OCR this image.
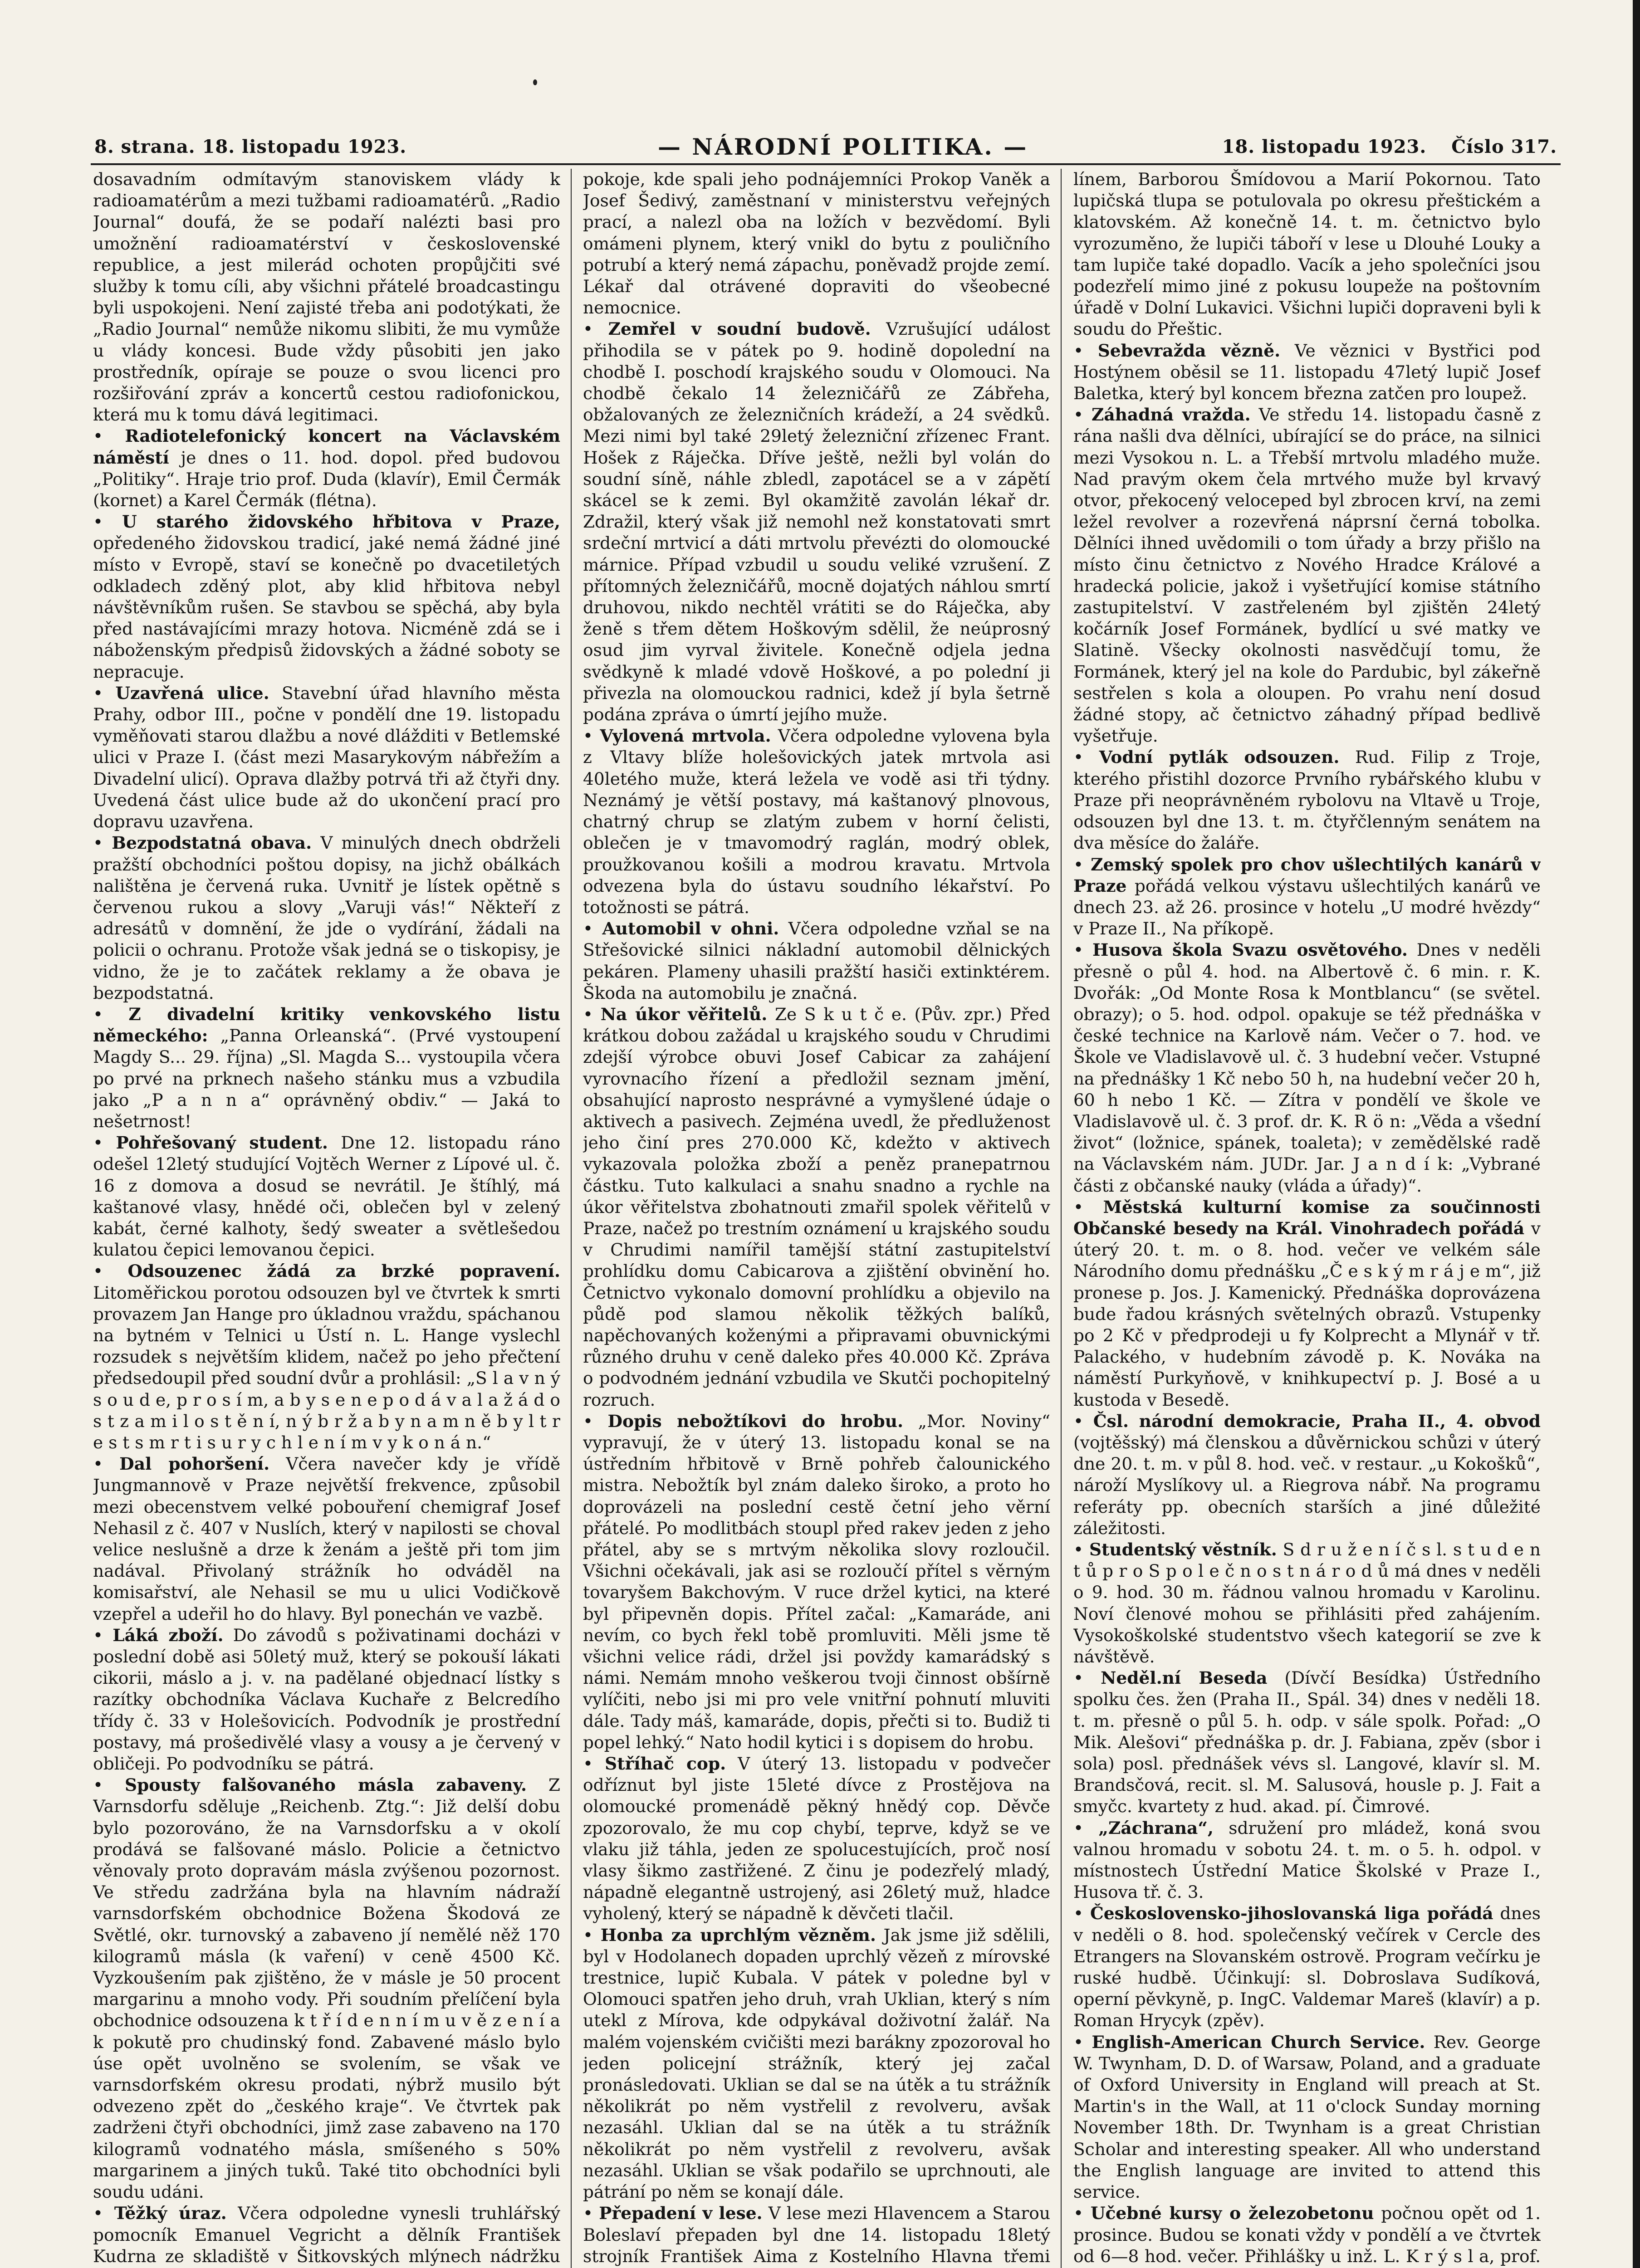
8. strana. 18. listopadu 1923.	— NÁRODNÍ POLITIKA. —	18. listopadu 1923. Číslo 317.

dosavadním odmítavým stanoviskem vlády k radioamatérům a mezi tužbami radioamatérů. „Radio Journal“ doufá, že se podaří nalézti basi pro umožnění radioamatérství v československé republice, a jest milerád ochoten propůjčiti své služby k tomu cíli, aby všichni přátelé broadcastingu byli uspokojeni. Není zajisté třeba ani podotýkati, že „Radio Journal“ nemůže nikomu slibiti, že mu vymůže u vlády koncesi. Bude vždy působiti jen jako prostředník, opíraje se pouze o svou licenci pro rozšiřování zpráv a koncertů cestou radiofonickou, která mu k tomu dává legitimaci.

• Radiotelefonický koncert na Václavském náměstí je dnes o 11. hod. dopol. před budovou „Politiky“. Hraje trio prof. Duda (klavír), Emil Čermák (kornet) a Karel Čermák (flétna).

• U starého židovského hřbitova v Praze, opředeného židovskou tradicí, jaké nemá žádné jiné místo v Evropě, staví se konečně po dvacetiletých odkladech zděný plot, aby klid hřbitova nebyl návštěvníkům rušen. Se stavbou se spěchá, aby byla před nastávajícími mrazy hotova. Nicméně zdá se i náboženským předpisů židovských a žádné soboty se nepracuje.

• Uzavřená ulice. Stavební úřad hlavního města Prahy, odbor III., počne v pondělí dne 19. listopadu vyměňovati starou dlažbu a nové dlážditi v Betlemské ulici v Praze I. (část mezi Masarykovým nábřežím a Divadelní ulicí). Oprava dlažby potrvá tři až čtyři dny. Uvedená část ulice bude až do ukončení prací pro dopravu uzavřena.

• Bezpodstatná obava. V minulých dnech obdrželi pražští obchodníci poštou dopisy, na jichž obálkách nalištěna je červená ruka. Uvnitř je lístek opětně s červenou rukou a slovy „Varuji vás!“ Někteří z adresátů v domnění, že jde o vydírání, žádali na policii o ochranu. Protože však jedná se o tiskopisy, je vidno, že je to začátek reklamy a že obava je bezpodstatná.

• Z divadelní kritiky venkovského listu německého: „Panna Orleanská“. (Prvé vystoupení Magdy S... 29. října) „Sl. Magda S... vystoupila včera po prvé na prknech našeho stánku mus a vzbudila jako „P a n n a“ oprávněný obdiv.“ — Jaká to nešetrnost!

• Pohřešovaný student. Dne 12. listopadu ráno odešel 12letý studující Vojtěch Werner z Lípové ul. č. 16 z domova a dosud se nevrátil. Je štíhlý, má kaštanové vlasy, hnědé oči, oblečen byl v zelený kabát, černé kalhoty, šedý sweater a světlešedou kulatou čepici lemovanou čepici.

• Odsouzenec žádá za brzké popravení. Litoměřickou porotou odsouzen byl ve čtvrtek k smrti provazem Jan Hange pro úkladnou vraždu, spáchanou na bytném v Telnici u Ústí n. L. Hange vyslechl rozsudek s největším klidem, načež po jeho přečtení předsedoupil před soudní dvůr a prohlásil: „S l a v n ý s o u d e, p r o s í m, a b y s e n e p o d á v a l a ž á d o s t z a m i l o s t ě n í, n ý b r ž a b y n a m n ě b y l t r e s t s m r t i s u r y c h l e n í m v y k o n á n.“

• Dal pohoršení. Včera navečer kdy je vřídě Jungmannově v Praze největší frekvence, způsobil mezi obecenstvem velké pobouření chemigraf Josef Nehasil z č. 407 v Nuslích, který v napilosti se choval velice neslušně a drze k ženám a ještě při tom jim nadával. Přivolaný strážník ho odváděl na komisařství, ale Nehasil se mu u ulici Vodičkově vzepřel a udeřil ho do hlavy. Byl ponechán ve vazbě.

• Láká zboží. Do závodů s poživatinami docházi v poslední době asi 50letý muž, který se pokouší lákati cikorii, máslo a j. v. na padělané objednací lístky s razítky obchodníka Václava Kuchaře z Belcredího třídy č. 33 v Holešovicích. Podvodník je prostřední postavy, má prošedivělé vlasy a vousy a je červený v obličeji. Po podvodníku se pátrá.

• Spousty falšovaného másla zabaveny. Z Varnsdorfu sděluje „Reichenb. Ztg.“: Již delší dobu bylo pozorováno, že na Varnsdorfsku a v okolí prodává se falšované máslo. Policie a četnictvo věnovaly proto dopravám másla zvýšenou pozornost. Ve středu zadržána byla na hlavním nádraží varnsdorfském obchodnice Božena Škodová ze Světlé, okr. turnovský a zabaveno jí nemělé něž 170 kilogramů másla (k vaření) v ceně 4500 Kč. Vyzkoušením pak zjištěno, že v másle je 50 procent margarinu a mnoho vody. Při soudním přelíčení byla obchodnice odsouzena k t ř í d e n n í m u v ě z e n í a k pokutě pro chudinský fond. Zabavené máslo bylo úse opět uvolněno se svolením, se však ve varnsdorfském okresu prodati, nýbrž musilo být odvezeno zpět do „českého kraje“. Ve čtvrtek pak zadrženi čtyři obchodníci, jimž zase zabaveno na 170 kilogramů vodnatého másla, smíšeného s 50% margarinem a jiných tuků. Také tito obchodníci byli soudu udáni.

• Těžký úraz. Včera odpoledne vynesli truhlářský pomocník Emanuel Vegricht a dělník František Kudrna ze skladiště v Šitkovských mlýnech nádržku

pokoje, kde spali jeho podnájemníci Prokop Vaněk a Josef Šedivý, zaměstnaní v ministerstvu veřejných prací, a nalezl oba na ložích v bezvědomí. Byli omámeni plynem, který vnikl do bytu z pouličního potrubí a který nemá zápachu, poněvadž projde zemí. Lékař dal otrávené dopraviti do všeobecné nemocnice.

• Zemřel v soudní budově. Vzrušující událost přihodila se v pátek po 9. hodině dopolední na chodbě I. poschodí krajského soudu v Olomouci. Na chodbě čekalo 14 železničářů ze Zábřeha, obžalovaných ze železničních krádeží, a 24 svědků. Mezi nimi byl také 29letý železniční zřízenec Frant. Hošek z Ráječka. Dříve ještě, nežli byl volán do soudní síně, náhle zbledl, zapotácel se a v zápětí skácel se k zemi. Byl okamžitě zavolán lékař dr. Zdražil, který však již nemohl než konstatovati smrt srdeční mrtvicí a dáti mrtvolu převézti do olomoucké márnice. Případ vzbudil u soudu veliké vzrušení. Z přítomných železničářů, mocně dojatých náhlou smrtí druhovou, nikdo nechtěl vrátiti se do Ráječka, aby ženě s třem dětem Hoškovým sdělil, že neúprosný osud jim vyrval živitele. Konečně odjela jedna svědkyně k mladé vdově Hoškové, a po polední ji přivezla na olomouckou radnici, kdež jí byla šetrně podána zpráva o úmrtí jejího muže.

• Vylovená mrtvola. Včera odpoledne vylovena byla z Vltavy blíže holešovických jatek mrtvola asi 40letého muže, která ležela ve vodě asi tři týdny. Neznámý je větší postavy, má kaštanový plnovous, chatrný chrup se zlatým zubem v horní čelisti, oblečen je v tmavomodrý raglán, modrý oblek, proužkovanou košili a modrou kravatu. Mrtvola odvezena byla do ústavu soudního lékařství. Po totožnosti se pátrá.

• Automobil v ohni. Včera odpoledne vzňal se na Střešovické silnici nákladní automobil dělnických pekáren. Plameny uhasili pražští hasiči extinktérem. Škoda na automobilu je značná.

• Na úkor věřitelů. Ze S k u t č e. (Pův. zpr.) Před krátkou dobou zažádal u krajského soudu v Chrudimi zdejší výrobce obuvi Josef Cabicar za zahájení vyrovnacího řízení a předložil seznam jmění, obsahující naprosto nesprávné a vymyšlené údaje o aktivech a pasivech. Zejména uvedl, že předluženost jeho činí pres 270.000 Kč, kdežto v aktivech vykazovala položka zboží a peněz pranepatrnou částku. Tuto kalkulaci a snahu snadno a rychle na úkor věřitelstva zbohatnouti zmařil spolek věřitelů v Praze, načež po trestním oznámení u krajského soudu v Chrudimi namířil tamější státní zastupitelství prohlídku domu Cabicarova a zjištění obvinění ho. Četnictvo vykonalo domovní prohlídku a objevilo na půdě pod slamou několik těžkých balíků, napěchovaných koženými a připravami obuvnickými různého druhu v ceně daleko přes 40.000 Kč. Zpráva o podvodném jednání vzbudila ve Skutči pochopitelný rozruch.

• Dopis nebožtíkovi do hrobu. „Mor. Noviny“ vypravují, že v úterý 13. listopadu konal se na ústředním hřbitově v Brně pohřeb čalounického mistra. Nebožtík byl znám daleko široko, a proto ho doprovázeli na poslední cestě četní jeho věrní přátelé. Po modlitbách stoupl před rakev jeden z jeho přátel, aby se s mrtvým několika slovy rozloučil. Všichni očekávali, jak asi se rozloučí přítel s věrným tovaryšem Bakchovým. V ruce držel kytici, na které byl připevněn dopis. Přítel začal: „Kamaráde, ani nevím, co bych řekl tobě promluviti. Měli jsme tě všichni velice rádi, držel jsi povždy kamarádský s námi. Nemám mnoho veškerou tvoji činnost obšírně vylíčiti, nebo jsi mi pro vele vnitřní pohnutí mluviti dále. Tady máš, kamaráde, dopis, přečti si to. Budiž ti popel lehký.“ Nato hodil kytici i s dopisem do hrobu.

• Stříhač cop. V úterý 13. listopadu v podvečer odříznut byl jiste 15leté dívce z Prostějova na olomoucké promenádě pěkný hnědý cop. Děvče zpozorovalo, že mu cop chybí, teprve, když se ve vlaku již táhla, jeden ze spolucestujících, proč nosí vlasy šikmo zastřižené. Z činu je podezřelý mladý, nápadně elegantně ustrojený, asi 26letý muž, hladce vyholený, který se nápadně k děvčeti tlačil.

• Honba za uprchlým vězněm. Jak jsme již sdělili, byl v Hodolanech dopaden uprchlý vězeň z mírovské trestnice, lupič Kubala. V pátek v poledne byl v Olomouci spatřen jeho druh, vrah Uklian, který s ním utekl z Mírova, kde odpykával doživotní žalář. Na malém vojenském cvičišti mezi barákny zpozoroval ho jeden policejní strážník, který jej začal pronásledovati. Uklian se dal se na útěk a tu strážník několikrát po něm vystřelil z revolveru, avšak nezasáhl. Uklian dal se na útěk a tu strážník několikrát po něm vystřelil z revolveru, avšak nezasáhl. Uklian se však podařilo se uprchnouti, ale pátrání po něm se konají dále.

• Přepadení v lese. V lese mezi Hlavencem a Starou Boleslaví přepaden byl dne 14. listopadu 18letý strojník František Aima z Kostelního Hlavna třemi

línem, Barborou Šmídovou a Marií Pokornou. Tato lupičská tlupa se potulovala po okresu přeštickém a klatovském. Až konečně 14. t. m. četnictvo bylo vyrozuměno, že lupiči táboří v lese u Dlouhé Louky a tam lupiče také dopadlo. Vacík a jeho společníci jsou podezřelí mimo jiné z pokusu loupeže na poštovním úřadě v Dolní Lukavici. Všichni lupiči dopraveni byli k soudu do Přeštic.

• Sebevražda vězně. Ve věznici v Bystřici pod Hostýnem oběsil se 11. listopadu 47letý lupič Josef Baletka, který byl koncem března zatčen pro loupež.

• Záhadná vražda. Ve středu 14. listopadu časně z rána našli dva dělníci, ubírající se do práce, na silnici mezi Vysokou n. L. a Třebší mrtvolu mladého muže. Nad pravým okem čela mrtvého muže byl krvavý otvor, překocený veloceped byl zbrocen krví, na zemi ležel revolver a rozevřená náprsní černá tobolka. Dělníci ihned uvědomili o tom úřady a brzy přišlo na místo činu četnictvo z Nového Hradce Králové a hradecká policie, jakož i vyšetřující komise státního zastupitelství. V zastřeleném byl zjištěn 24letý kočárník Josef Formánek, bydlící u své matky ve Slatině. Všecky okolnosti nasvědčují tomu, že Formánek, který jel na kole do Pardubic, byl zákeřně sestřelen s kola a oloupen. Po vrahu není dosud žádné stopy, ač četnictvo záhadný případ bedlivě vyšetřuje.

• Vodní pytlák odsouzen. Rud. Filip z Troje, kterého přistihl dozorce Prvního rybářského klubu v Praze při neoprávněném rybolovu na Vltavě u Troje, odsouzen byl dne 13. t. m. čtyřčlenným senátem na dva měsíce do žaláře.

• Zemský spolek pro chov ušlechtilých kanárů v Praze pořádá velkou výstavu ušlechtilých kanárů ve dnech 23. až 26. prosince v hotelu „U modré hvězdy“ v Praze II., Na příkopě.

• Husova škola Svazu osvětového. Dnes v neděli přesně o půl 4. hod. na Albertově č. 6 min. r. K. Dvořák: „Od Monte Rosa k Montblancu“ (se světel. obrazy); o 5. hod. odpol. opakuje se též přednáška v české technice na Karlově nám. Večer o 7. hod. ve Škole ve Vladislavově ul. č. 3 hudební večer. Vstupné na přednášky 1 Kč nebo 50 h, na hudební večer 20 h, 60 h nebo 1 Kč. — Zítra v pondělí ve škole ve Vladislavově ul. č. 3 prof. dr. K. R ö n: „Věda a všední život“ (ložnice, spánek, toaleta); v zemědělské radě na Václavském nám. JUDr. Jar. J a n d í k: „Vybrané části z občanské nauky (vláda a úřady)“.

• Městská kulturní komise za součinnosti Občanské besedy na Král. Vinohradech pořádá v úterý 20. t. m. o 8. hod. večer ve velkém sále Národního domu přednášku „Č e s k ý m r á j e m“, již pronese p. Jos. J. Kamenický. Přednáška doprovázena bude řadou krásných světelných obrazů. Vstupenky po 2 Kč v předprodeji u fy Kolprecht a Mlynář v tř. Palackého, v hudebním závodě p. K. Nováka na náměstí Purkyňově, v knihkupectví p. J. Bosé a u kustoda v Besedě.

• Čsl. národní demokracie, Praha II., 4. obvod (vojtěšský) má členskou a důvěrnickou schůzi v úterý dne 20. t. m. v půl 8. hod. več. v restaur. „u Kokošků“, nároží Myslíkovy ul. a Riegrova nábř. Na programu referáty pp. obecních starších a jiné důležité záležitosti.

• Studentský věstník. S d r u ž e n í č s l. s t u d e n t ů p r o S p o l e č n o s t n á r o d ů má dnes v neděli o 9. hod. 30 m. řádnou valnou hromadu v Karolinu. Noví členové mohou se přihlásiti před zahájením. Vysokoškolské studentstvo všech kategorií se zve k návštěvě.

• Neděl.ní Beseda (Dívčí Besídka) Ústředního spolku čes. žen (Praha II., Spál. 34) dnes v neděli 18. t. m. přesně o půl 5. h. odp. v sále spolk. Pořad: „O Mik. Alešovi“ přednáška p. dr. J. Fabiana, zpěv (sbor i sola) posl. přednášek vévs sl. Langové, klavír sl. M. Brandsčová, recit. sl. M. Salusová, housle p. J. Fait a smyčc. kvartety z hud. akad. pí. Čimrové.

• „Záchrana“, sdružení pro mládež, koná svou valnou hromadu v sobotu 24. t. m. o 5. h. odpol. v místnostech Ústřední Matice Školské v Praze I., Husova tř. č. 3.

• Československo-jihoslovanská liga pořádá dnes v neděli o 8. hod. společenský večírek v Cercle des Etrangers na Slovanském ostrově. Program večírku je ruské hudbě. Účinkují: sl. Dobroslava Sudíková, operní pěvkyně, p. IngC. Valdemar Mareš (klavír) a p. Roman Hrycyk (zpěv).

• English-American Church Service. Rev. George W. Twynham, D. D. of Warsaw, Poland, and a graduate of Oxford University in England will preach at St. Martin's in the Wall, at 11 o'clock Sunday morning November 18th. Dr. Twynham is a great Christian Scholar and interesting speaker. All who understand the English language are invited to attend this service.

• Učebné kursy o železobetonu počnou opět od 1. prosince. Budou se konati vždy v pondělí a ve čtvrtek od 6—8 hod. večer. Přihlášky u inž. L. K r ý s l a, prof.
